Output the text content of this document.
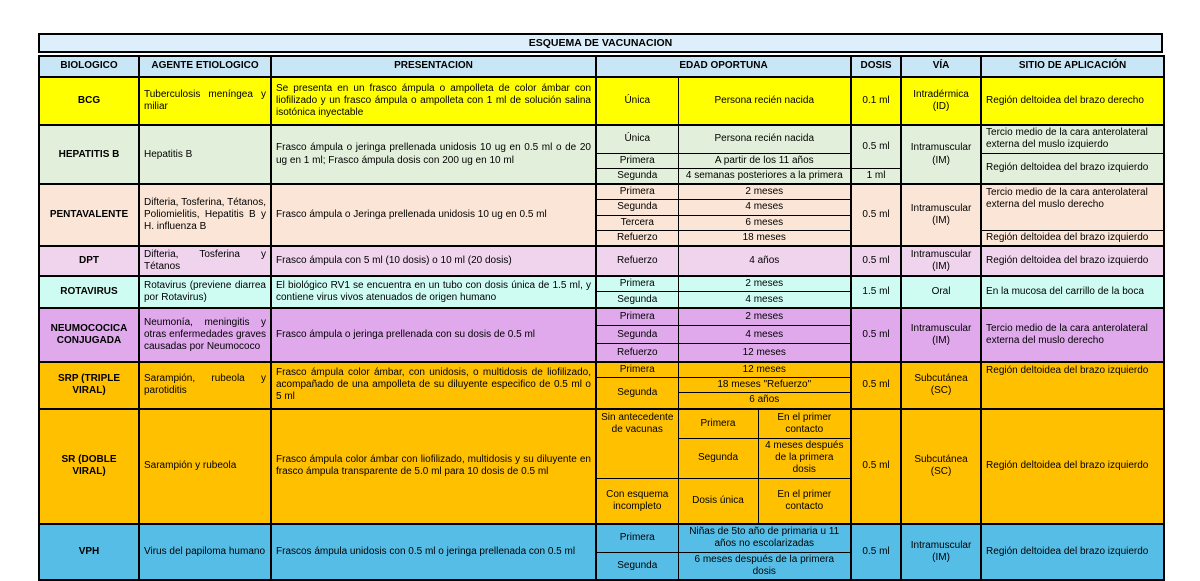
ESQUEMA DE VACUNACION
BIOLOGICO	AGENTE ETIOLOGICO	PRESENTACION	EDAD OPORTUNA			DOSIS	VÍA	SITIO DE APLICACIÓN
BCG	Tuberculosis meníngea y miliar	Se presenta en un frasco ámpula o ampolleta de color ámbar con liofilizado y un frasco ámpula o ampolleta con 1 ml de solución salina isotónica inyectable	Única	Persona recién nacida		0.1 ml	Intradérmica (ID)	Región deltoidea del brazo derecho
HEPATITIS B	Hepatitis B	Frasco ámpula o jeringa prellenada unidosis 10 ug en 0.5 ml o de 20 ug en 1 ml; Frasco ámpula dosis con 200 ug en 10 ml	Única	Persona recién nacida		0.5 ml	Intramuscular (IM)	Tercio medio de la cara anterolateral externa del muslo izquierdo
			Primera	A partir de los 11 años				Región deltoidea del brazo izquierdo
			Segunda	4 semanas posteriores a la primera		1 ml		
PENTAVALENTE	Difteria, Tosferina, Tétanos, Poliomielitis, Hepatitis B y H. influenza B	Frasco ámpula o Jeringa prellenada unidosis 10 ug en 0.5 ml	Primera	2 meses		0.5 ml	Intramuscular (IM)	Tercio medio de la cara anterolateral externa del muslo derecho
			Segunda	4 meses				
			Tercera	6 meses				
			Refuerzo	18 meses				Región deltoidea del brazo izquierdo
DPT	Difteria, Tosferina y Tétanos	Frasco ámpula con 5 ml (10 dosis) o 10 ml (20 dosis)	Refuerzo	4 años		0.5 ml	Intramuscular (IM)	Región deltoidea del brazo izquierdo
ROTAVIRUS	Rotavirus (previene diarrea por Rotavirus)	El biológico RV1 se encuentra en un tubo con dosis única de 1.5 ml, y contiene virus vivos atenuados de origen humano	Primera	2 meses		1.5 ml	Oral	En la mucosa del carrillo de la boca
			Segunda	4 meses				
NEUMOCOCICA CONJUGADA	Neumonía, meningitis y otras enfermedades graves causadas por Neumococo	Frasco ámpula o jeringa prellenada con su dosis de 0.5 ml	Primera	2 meses		0.5 ml	Intramuscular (IM)	Tercio medio de la cara anterolateral externa del muslo derecho
			Segunda	4 meses				
			Refuerzo	12 meses				
SRP (TRIPLE VIRAL)	Sarampión, rubeola y parotiditis	Frasco ámpula color ámbar, con unidosis, o multidosis de liofilizado, acompañado de una ampolleta de su diluyente especifico de 0.5 ml o 5 ml	Primera	12 meses		0.5 ml	Subcutánea (SC)	Región deltoidea del brazo izquierdo
			Segunda	18 meses "Refuerzo"				
				6 años				
SR (DOBLE VIRAL)	Sarampión y rubeola	Frasco ámpula color ámbar con liofilizado, multidosis y su diluyente en frasco ámpula transparente de 5.0 ml para 10 dosis de 0.5 ml	Sin antecedente de vacunas	Primera	En el primer contacto	0.5 ml	Subcutánea (SC)	Región deltoidea del brazo izquierdo
				Segunda	4 meses después de la primera dosis			
			Con esquema incompleto	Dosis única	En el primer contacto			
VPH	Virus del papiloma humano	Frascos ámpula unidosis con 0.5 ml o jeringa prellenada con 0.5 ml	Primera	Niñas de 5to año de primaria u 11 años no escolarizadas		0.5 ml	Intramuscular (IM)	Región deltoidea del brazo izquierdo
			Segunda	6 meses después de la primera dosis				
